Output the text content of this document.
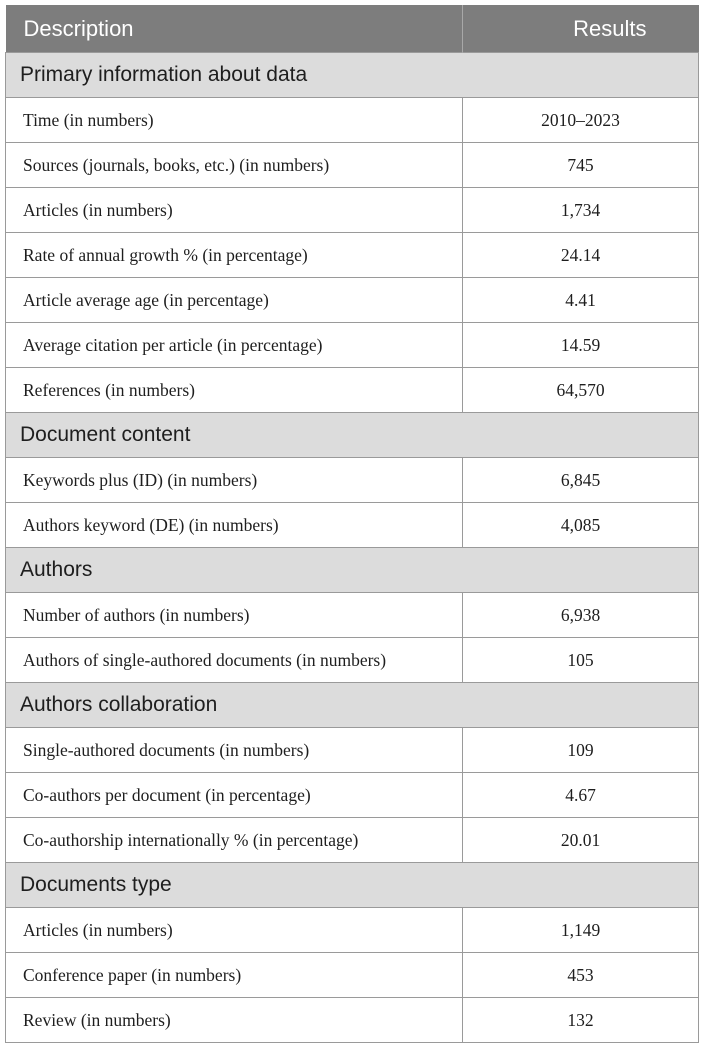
Description	Results
Primary information about data	
Time (in numbers)	2010–2023
Sources (journals, books, etc.) (in numbers)	745
Articles (in numbers)	1,734
Rate of annual growth % (in percentage)	24.14
Article average age (in percentage)	4.41
Average citation per article (in percentage)	14.59
References (in numbers)	64,570
Document content	
Keywords plus (ID) (in numbers)	6,845
Authors keyword (DE) (in numbers)	4,085
Authors	
Number of authors (in numbers)	6,938
Authors of single-authored documents (in numbers)	105
Authors collaboration	
Single-authored documents (in numbers)	109
Co-authors per document (in percentage)	4.67
Co-authorship internationally % (in percentage)	20.01
Documents type	
Articles (in numbers)	1,149
Conference paper (in numbers)	453
Review (in numbers)	132
